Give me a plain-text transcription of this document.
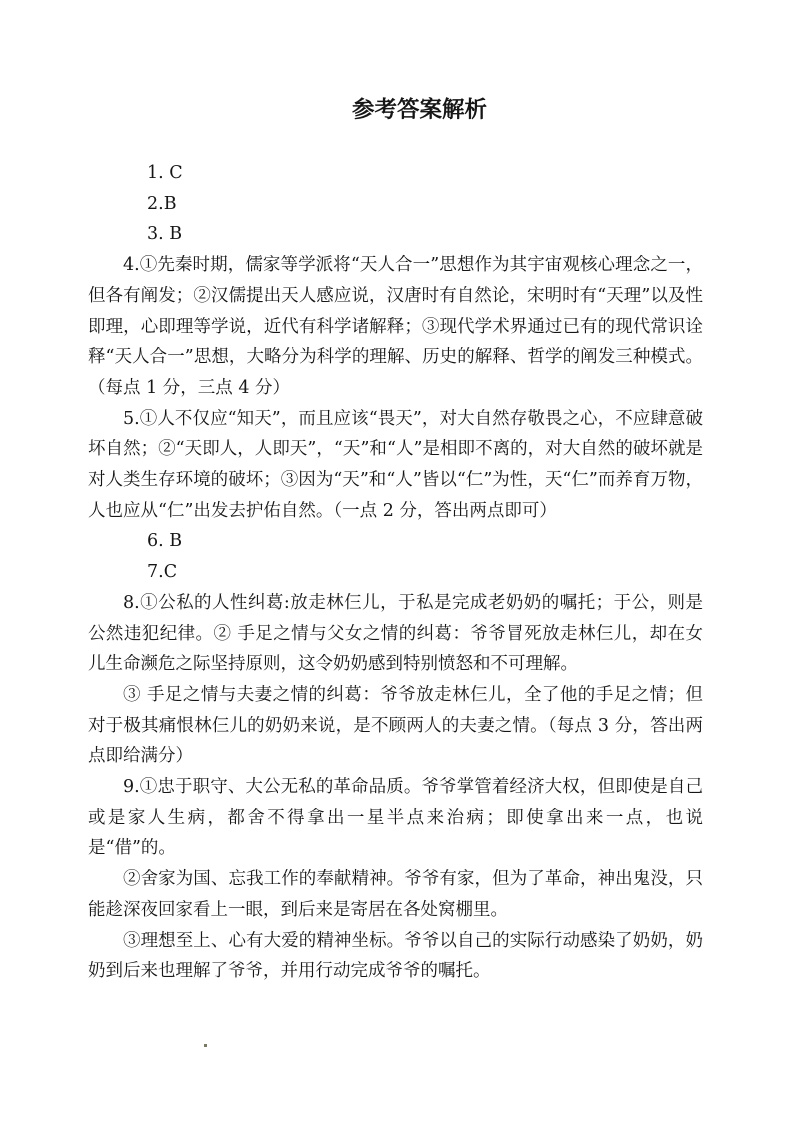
参考答案解析

1. C

2.B

3. B

4.①先秦时期，儒家等学派将“天人合一”思想作为其宇宙观核心理念之一，但各有阐发；②汉儒提出天人感应说，汉唐时有自然论，宋明时有“天理”以及性即理，心即理等学说，近代有科学诸解释；③现代学术界通过已有的现代常识诠释“天人合一”思想，大略分为科学的理解、历史的解释、哲学的阐发三种模式。（每点 1 分，三点 4 分）

5.①人不仅应“知天”，而且应该“畏天”，对大自然存敬畏之心，不应肆意破坏自然；②“天即人，人即天”，“天”和“人”是相即不离的，对大自然的破坏就是对人类生存环境的破坏；③因为“天”和“人”皆以“仁”为性，天“仁”而养育万物，人也应从“仁”出发去护佑自然。（一点 2 分，答出两点即可）

6. B

7.C

8.①公私的人性纠葛:放走林仨儿，于私是完成老奶奶的嘱托；于公，则是公然违犯纪律。② 手足之情与父女之情的纠葛：爷爷冒死放走林仨儿，却在女儿生命濒危之际坚持原则，这令奶奶感到特别愤怒和不可理解。

③ 手足之情与夫妻之情的纠葛：爷爷放走林仨儿，全了他的手足之情；但对于极其痛恨林仨儿的奶奶来说，是不顾两人的夫妻之情。（每点 3 分，答出两点即给满分）

9.①忠于职守、大公无私的革命品质。爷爷掌管着经济大权，但即使是自己或是家人生病，都舍不得拿出一星半点来治病；即使拿出来一点，也说是“借”的。

②舍家为国、忘我工作的奉献精神。爷爷有家，但为了革命，神出鬼没，只能趁深夜回家看上一眼，到后来是寄居在各处窝棚里。

③理想至上、心有大爱的精神坐标。爷爷以自己的实际行动感染了奶奶，奶奶到后来也理解了爷爷，并用行动完成爷爷的嘱托。
